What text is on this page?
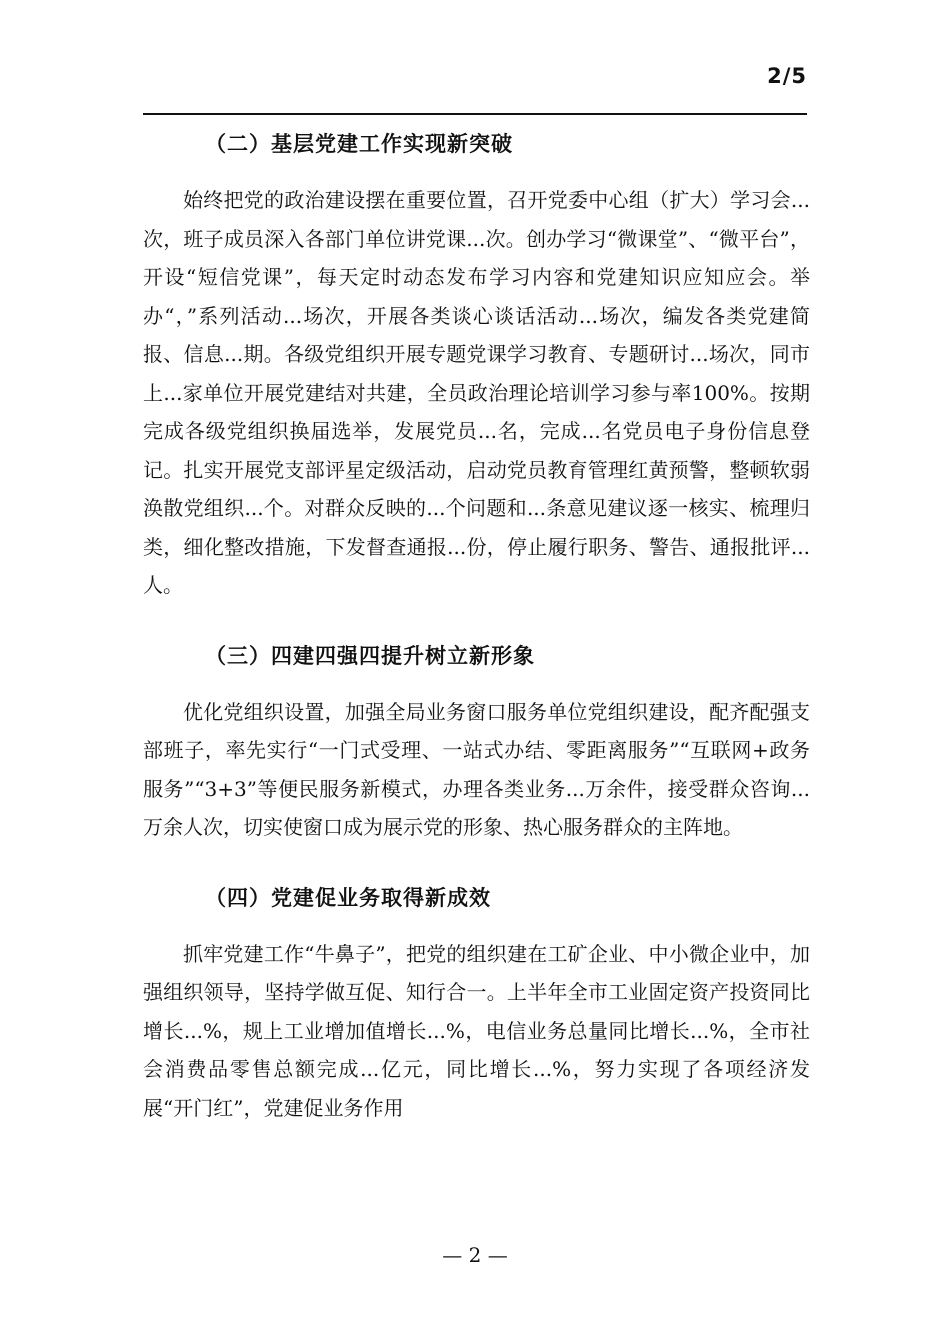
2/5
（二）基层党建工作实现新突破

始终把党的政治建设摆在重要位置，召开党委中心组（扩大）学习会...次，班子成员深入各部门单位讲党课...次。创办学习“微课堂”、“微平台”，开设“短信党课”，每天定时动态发布学习内容和党建知识应知应会。举办“，”系列活动...场次，开展各类谈心谈话活动...场次，编发各类党建简报、信息...期。各级党组织开展专题党课学习教育、专题研讨...场次，同市上...家单位开展党建结对共建，全员政治理论培训学习参与率100%。按期完成各级党组织换届选举，发展党员...名，完成...名党员电子身份信息登记。扎实开展党支部评星定级活动，启动党员教育管理红黄预警，整顿软弱涣散党组织...个。对群众反映的...个问题和...条意见建议逐一核实、梳理归类，细化整改措施，下发督查通报...份，停止履行职务、警告、通报批评...人。

（三）四建四强四提升树立新形象

优化党组织设置，加强全局业务窗口服务单位党组织建设，配齐配强支部班子，率先实行“一门式受理、一站式办结、零距离服务”“互联网+政务服务”“3+3”等便民服务新模式，办理各类业务...万余件，接受群众咨询...万余人次，切实使窗口成为展示党的形象、热心服务群众的主阵地。

（四）党建促业务取得新成效

抓牢党建工作“牛鼻子”，把党的组织建在工矿企业、中小微企业中，加强组织领导，坚持学做互促、知行合一。上半年全市工业固定资产投资同比增长...%，规上工业增加值增长...%，电信业务总量同比增长...%，全市社会消费品零售总额完成...亿元，同比增长...%，努力实现了各项经济发展“开门红”，党建促业务作用

— 2 —
